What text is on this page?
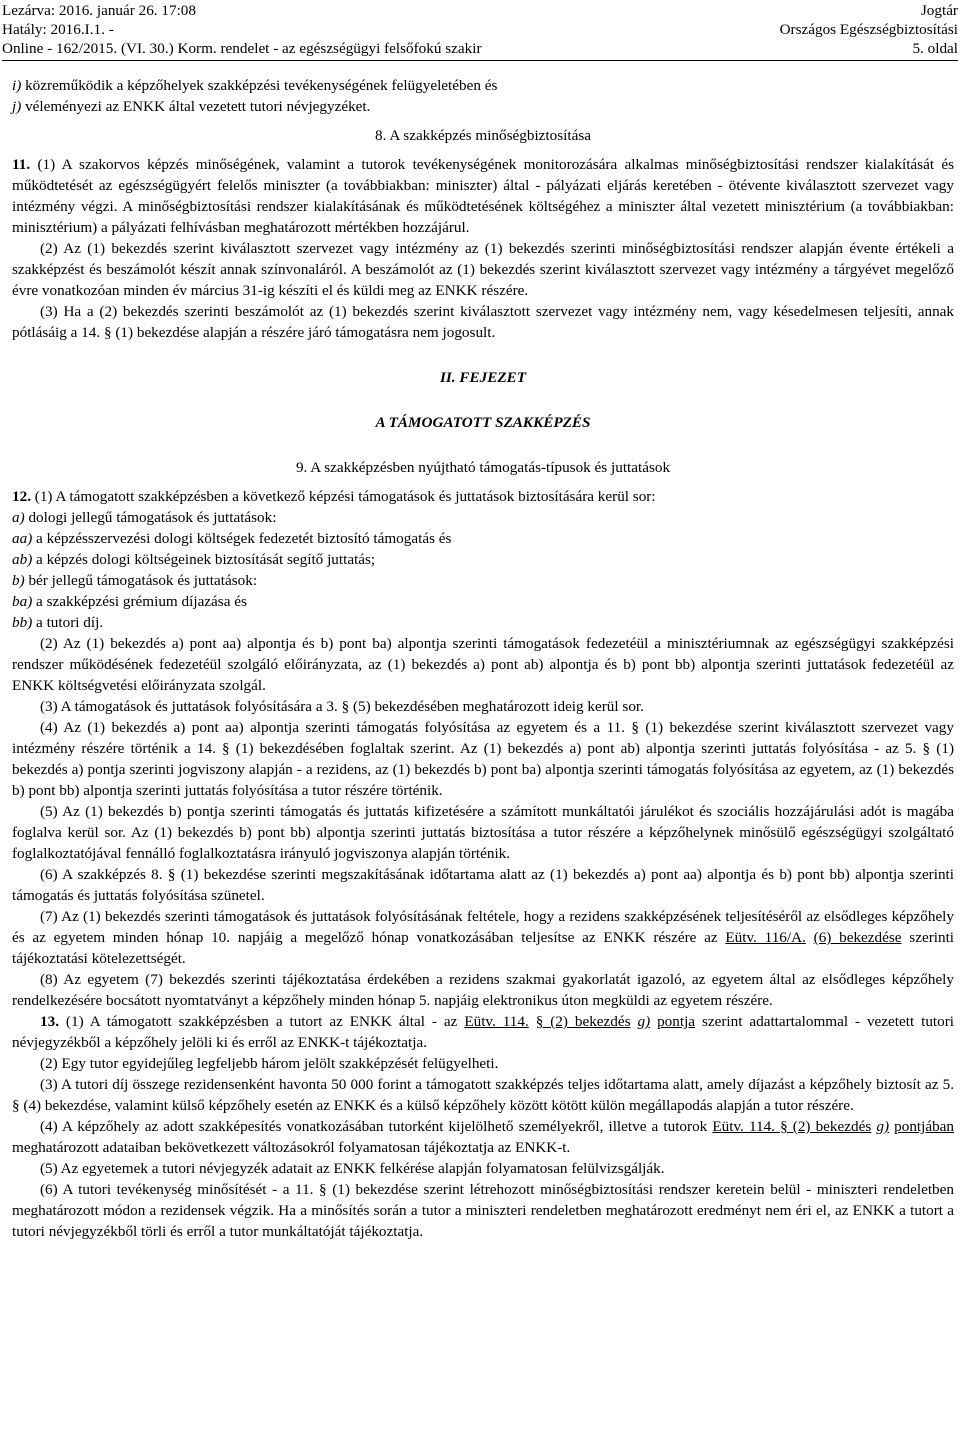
Lezárva: 2016. január 26. 17:08
Hatály: 2016.I.1. -
Online - 162/2015. (VI. 30.) Korm. rendelet - az egészségügyi felsőfokú szakir
Jogtár
Országos Egészségbiztosítási
5. oldal

i) közreműködik a képzőhelyek szakképzési tevékenységének felügyeletében és

j) véleményezi az ENKK által vezetett tutori névjegyzéket.

8. A szakképzés minőségbiztosítása

11. (1) A szakorvos képzés minőségének, valamint a tutorok tevékenységének monitorozására alkalmas minőségbiztosítási rendszer kialakítását és működtetését az egészségügyért felelős miniszter (a továbbiakban: miniszter) által - pályázati eljárás keretében - ötévente kiválasztott szervezet vagy intézmény végzi. A minőségbiztosítási rendszer kialakításának és működtetésének költségéhez a miniszter által vezetett minisztérium (a továbbiakban: minisztérium) a pályázati felhívásban meghatározott mértékben hozzájárul.

(2) Az (1) bekezdés szerint kiválasztott szervezet vagy intézmény az (1) bekezdés szerinti minőségbiztosítási rendszer alapján évente értékeli a szakképzést és beszámolót készít annak színvonaláról. A beszámolót az (1) bekezdés szerint kiválasztott szervezet vagy intézmény a tárgyévet megelőző évre vonatkozóan minden év március 31-ig készíti el és küldi meg az ENKK részére.

(3) Ha a (2) bekezdés szerinti beszámolót az (1) bekezdés szerint kiválasztott szervezet vagy intézmény nem, vagy késedelmesen teljesíti, annak pótlásáig a 14. § (1) bekezdése alapján a részére járó támogatásra nem jogosult.

II. FEJEZET

A TÁMOGATOTT SZAKKÉPZÉS

9. A szakképzésben nyújtható támogatás-típusok és juttatások

12. (1) A támogatott szakképzésben a következő képzési támogatások és juttatások biztosítására kerül sor:

a) dologi jellegű támogatások és juttatások:

aa) a képzésszervezési dologi költségek fedezetét biztosító támogatás és

ab) a képzés dologi költségeinek biztosítását segítő juttatás;

b) bér jellegű támogatások és juttatások:

ba) a szakképzési grémium díjazása és

bb) a tutori díj.

(2) Az (1) bekezdés a) pont aa) alpontja és b) pont ba) alpontja szerinti támogatások fedezetéül a minisztériumnak az egészségügyi szakképzési rendszer működésének fedezetéül szolgáló előirányzata, az (1) bekezdés a) pont ab) alpontja és b) pont bb) alpontja szerinti juttatások fedezetéül az ENKK költségvetési előirányzata szolgál.

(3) A támogatások és juttatások folyósítására a 3. § (5) bekezdésében meghatározott ideig kerül sor.

(4) Az (1) bekezdés a) pont aa) alpontja szerinti támogatás folyósítása az egyetem és a 11. § (1) bekezdése szerint kiválasztott szervezet vagy intézmény részére történik a 14. § (1) bekezdésében foglaltak szerint. Az (1) bekezdés a) pont ab) alpontja szerinti juttatás folyósítása - az 5. § (1) bekezdés a) pontja szerinti jogviszony alapján - a rezidens, az (1) bekezdés b) pont ba) alpontja szerinti támogatás folyósítása az egyetem, az (1) bekezdés b) pont bb) alpontja szerinti juttatás folyósítása a tutor részére történik.

(5) Az (1) bekezdés b) pontja szerinti támogatás és juttatás kifizetésére a számított munkáltatói járulékot és szociális hozzájárulási adót is magába foglalva kerül sor. Az (1) bekezdés b) pont bb) alpontja szerinti juttatás biztosítása a tutor részére a képzőhelynek minősülő egészségügyi szolgáltató foglalkoztatójával fennálló foglalkoztatásra irányuló jogviszonya alapján történik.

(6) A szakképzés 8. § (1) bekezdése szerinti megszakításának időtartama alatt az (1) bekezdés a) pont aa) alpontja és b) pont bb) alpontja szerinti támogatás és juttatás folyósítása szünetel.

(7) Az (1) bekezdés szerinti támogatások és juttatások folyósításának feltétele, hogy a rezidens szakképzésének teljesítéséről az elsődleges képzőhely és az egyetem minden hónap 10. napjáig a megelőző hónap vonatkozásában teljesítse az ENKK részére az Eütv. 116/A. (6) bekezdése szerinti tájékoztatási kötelezettségét.

(8) Az egyetem (7) bekezdés szerinti tájékoztatása érdekében a rezidens szakmai gyakorlatát igazoló, az egyetem által az elsődleges képzőhely rendelkezésére bocsátott nyomtatványt a képzőhely minden hónap 5. napjáig elektronikus úton megküldi az egyetem részére.

13. (1) A támogatott szakképzésben a tutort az ENKK által - az Eütv. 114. § (2) bekezdés g) pontja szerint adattartalommal - vezetett tutori névjegyzékből a képzőhely jelöli ki és erről az ENKK-t tájékoztatja.

(2) Egy tutor egyidejűleg legfeljebb három jelölt szakképzését felügyelheti.

(3) A tutori díj összege rezidensenként havonta 50 000 forint a támogatott szakképzés teljes időtartama alatt, amely díjazást a képzőhely biztosít az 5. § (4) bekezdése, valamint külső képzőhely esetén az ENKK és a külső képzőhely között kötött külön megállapodás alapján a tutor részére.

(4) A képzőhely az adott szakképesítés vonatkozásában tutorként kijelölhető személyekről, illetve a tutorok Eütv. 114. § (2) bekezdés g) pontjában meghatározott adataiban bekövetkezett változásokról folyamatosan tájékoztatja az ENKK-t.

(5) Az egyetemek a tutori névjegyzék adatait az ENKK felkérése alapján folyamatosan felülvizsgálják.

(6) A tutori tevékenység minősítését - a 11. § (1) bekezdése szerint létrehozott minőségbiztosítási rendszer keretein belül - miniszteri rendeletben meghatározott módon a rezidensek végzik. Ha a minősítés során a tutor a miniszteri rendeletben meghatározott eredményt nem éri el, az ENKK a tutort a tutori névjegyzékből törli és erről a tutor munkáltatóját tájékoztatja.
